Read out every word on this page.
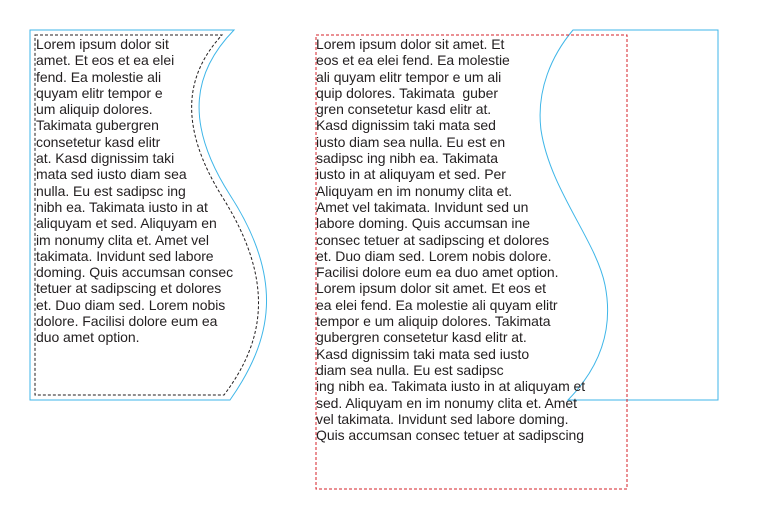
Lorem ipsum dolor sit
amet. Et eos et ea elei
fend. Ea molestie ali
quyam elitr tempor e
um aliquip dolores.
Takimata gubergren
consetetur kasd elitr
at. Kasd dignissim taki
mata sed iusto diam sea
nulla. Eu est sadipsc ing
nibh ea. Takimata iusto in at
aliquyam et sed. Aliquyam en
im nonumy clita et. Amet vel
takimata. Invidunt sed labore
doming. Quis accumsan consec
tetuer at sadipscing et dolores
et. Duo diam sed. Lorem nobis
dolore. Facilisi dolore eum ea
duo amet option.
Lorem ipsum dolor sit amet. Et
eos et ea elei fend. Ea molestie
ali quyam elitr tempor e um ali
quip dolores. Takimata  guber
gren consetetur kasd elitr at.
Kasd dignissim taki mata sed
iusto diam sea nulla. Eu est en
sadipsc ing nibh ea. Takimata
iusto in at aliquyam et sed. Per
Aliquyam en im nonumy clita et.
Amet vel takimata. Invidunt sed un
labore doming. Quis accumsan ine
consec tetuer at sadipscing et dolores
et. Duo diam sed. Lorem nobis dolore.
Facilisi dolore eum ea duo amet option.
Lorem ipsum dolor sit amet. Et eos et
ea elei fend. Ea molestie ali quyam elitr
tempor e um aliquip dolores. Takimata
gubergren consetetur kasd elitr at.
Kasd dignissim taki mata sed iusto
diam sea nulla. Eu est sadipsc
ing nibh ea. Takimata iusto in at aliquyam et
sed. Aliquyam en im nonumy clita et. Amet
vel takimata. Invidunt sed labore doming.
Quis accumsan consec tetuer at sadipscing
